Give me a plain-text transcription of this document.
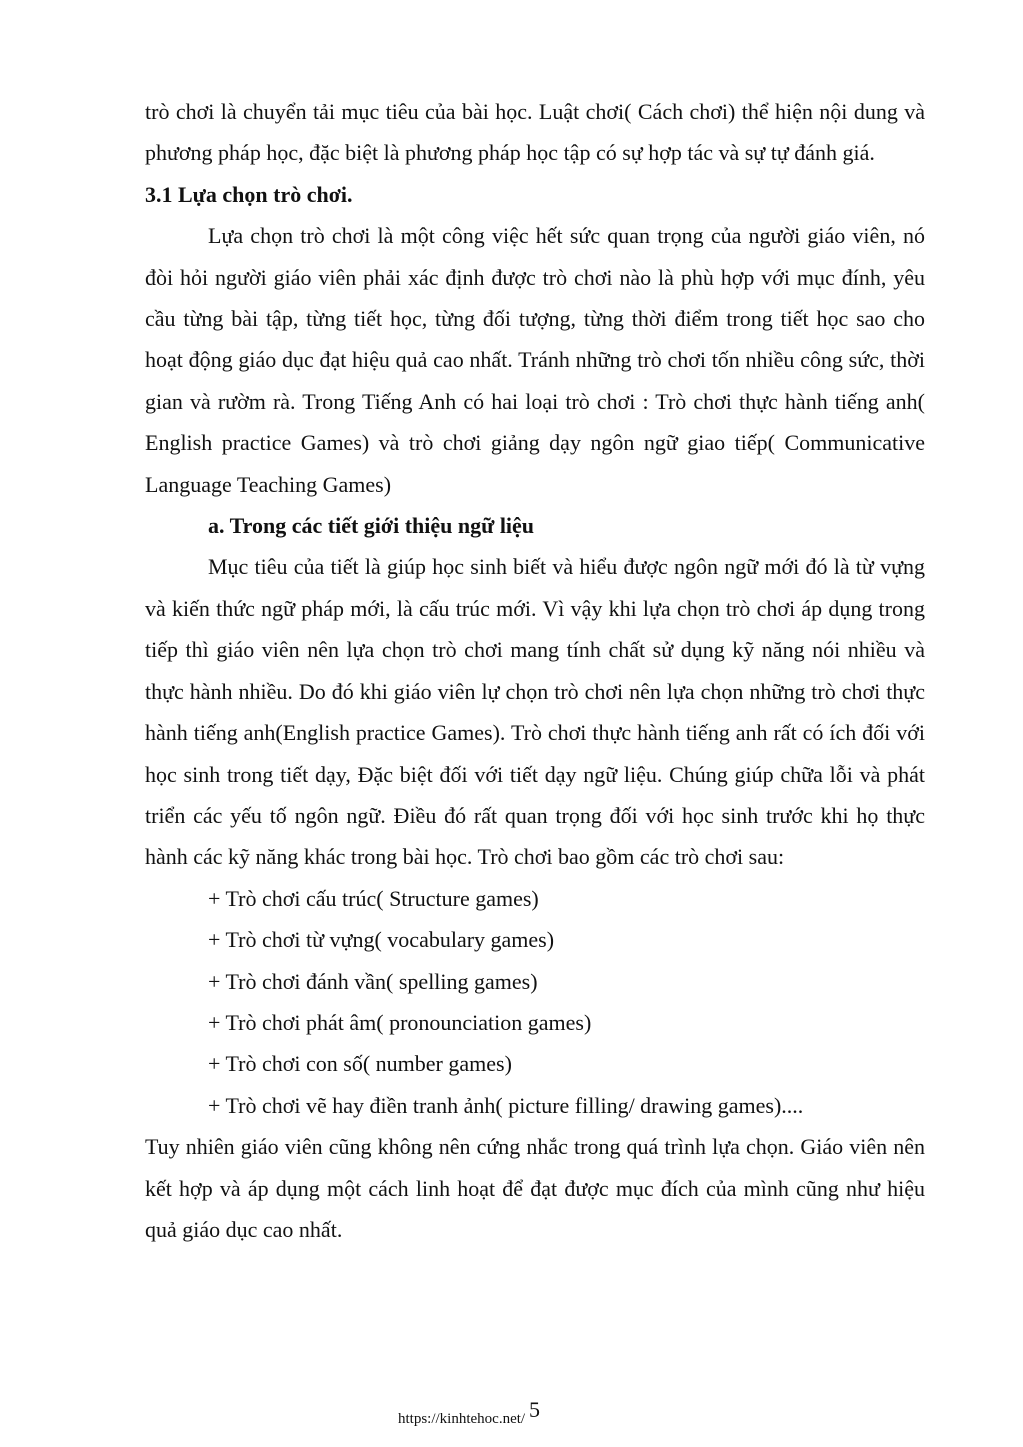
trò chơi là chuyển tải mục tiêu của bài học. Luật chơi( Cách chơi) thể hiện nội dung và phương pháp học, đặc biệt là phương pháp học tập có sự hợp tác và sự tự đánh giá.

3.1 Lựa chọn trò chơi.

Lựa chọn trò chơi là một công việc hết sức quan trọng của người giáo viên, nó đòi hỏi người giáo viên phải xác định được trò chơi nào là phù hợp với mục đính, yêu cầu từng bài tập, từng tiết học, từng đối tượng, từng thời điểm trong tiết học sao cho hoạt động giáo dục đạt hiệu quả cao nhất. Tránh những trò chơi tốn nhiều công sức, thời gian và rườm rà. Trong Tiếng Anh có hai loại trò chơi : Trò chơi thực hành tiếng anh( English practice Games) và trò chơi giảng dạy ngôn ngữ giao tiếp( Communicative Language Teaching Games)

a. Trong các tiết giới thiệu ngữ liệu

Mục tiêu của tiết là giúp học sinh biết và hiểu được ngôn ngữ mới đó là từ vựng và kiến thức ngữ pháp mới, là cấu trúc mới. Vì vậy khi lựa chọn trò chơi áp dụng trong tiếp thì giáo viên nên lựa chọn trò chơi mang tính chất sử dụng kỹ năng nói nhiều và thực hành nhiều. Do đó khi giáo viên lự chọn trò chơi nên lựa chọn những trò chơi thực hành tiếng anh(English practice Games). Trò chơi thực hành tiếng anh rất có ích đối với học sinh trong tiết dạy, Đặc biệt đối với tiết dạy ngữ liệu. Chúng giúp chữa lỗi và phát triển các yếu tố ngôn ngữ. Điều đó rất quan trọng đối với học sinh trước khi họ thực hành các kỹ năng khác trong bài học. Trò chơi bao gồm các trò chơi sau:

+ Trò chơi cấu trúc( Structure games)
+ Trò chơi từ vựng( vocabulary games)
+ Trò chơi đánh vần( spelling games)
+ Trò chơi phát âm( pronounciation games)
+ Trò chơi con số( number games)
+ Trò chơi vẽ hay điền tranh ảnh( picture filling/ drawing games)....

Tuy nhiên giáo viên cũng không nên cứng nhắc trong quá trình lựa chọn. Giáo viên nên kết hợp và áp dụng một cách linh hoạt để đạt được mục đích của mình cũng như hiệu quả giáo dục cao nhất.

5
https://kinhtehoc.net/
